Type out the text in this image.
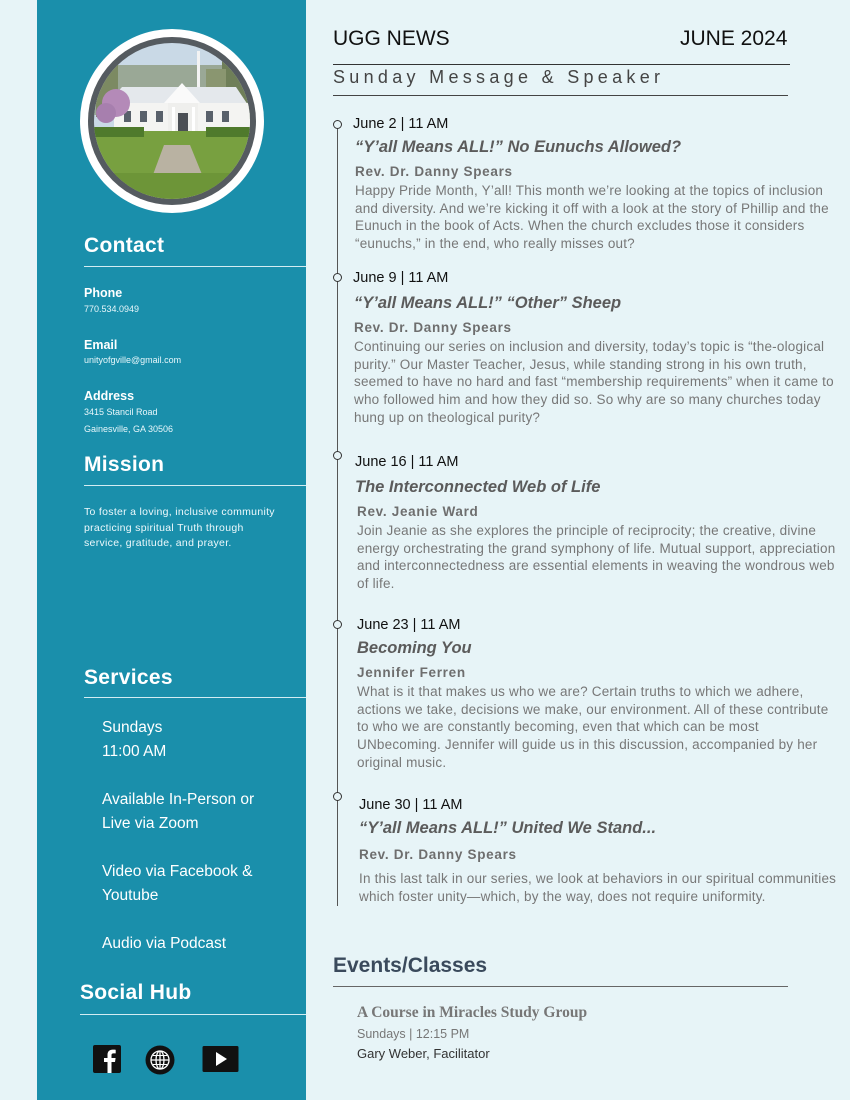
Contact
Phone
770.534.0949
Email
unityofgville@gmail.com
Address
3415 Stancil Road
Gainesville, GA 30506
Mission
To foster a loving, inclusive community practicing spiritual Truth through service, gratitude, and prayer.
Services
Sundays
11:00 AM
Available In-Person or
Live via Zoom
Video via Facebook &
Youtube
Audio via Podcast
Social Hub
UGG NEWS	JUNE 2024
Sunday Message & Speaker
June 2 | 11 AM
“Y’all Means ALL!” No Eunuchs Allowed?
Rev. Dr. Danny Spears
Happy Pride Month, Y’all! This month we’re looking at the topics of inclusion and diversity. And we’re kicking it off with a look at the story of Phillip and the Eunuch in the book of Acts. When the church excludes those it considers “eunuchs,” in the end, who really misses out?
June 9 | 11 AM
“Y’all Means ALL!” “Other” Sheep
Rev. Dr. Danny Spears
Continuing our series on inclusion and diversity, today’s topic is “the-ological purity.” Our Master Teacher, Jesus, while standing strong in his own truth, seemed to have no hard and fast “membership requirements” when it came to who followed him and how they did so. So why are so many churches today hung up on theological purity?
June 16 | 11 AM
The Interconnected Web of Life
Rev. Jeanie Ward
Join Jeanie as she explores the principle of reciprocity; the creative, divine energy orchestrating the grand symphony of life. Mutual support, appreciation and interconnectedness are essential elements in weaving the wondrous web of life.
June 23 | 11 AM
Becoming You
Jennifer Ferren
What is it that makes us who we are? Certain truths to which we adhere, actions we take, decisions we make, our environment. All of these contribute to who we are constantly becoming, even that which can be most UNbecoming. Jennifer will guide us in this discussion, accompanied by her original music.
June 30 | 11 AM
“Y’all Means ALL!” United We Stand...
Rev. Dr. Danny Spears
In this last talk in our series, we look at behaviors in our spiritual communities which foster unity—which, by the way, does not require uniformity.
Events/Classes
A Course in Miracles Study Group
Sundays | 12:15 PM
Gary Weber, Facilitator
